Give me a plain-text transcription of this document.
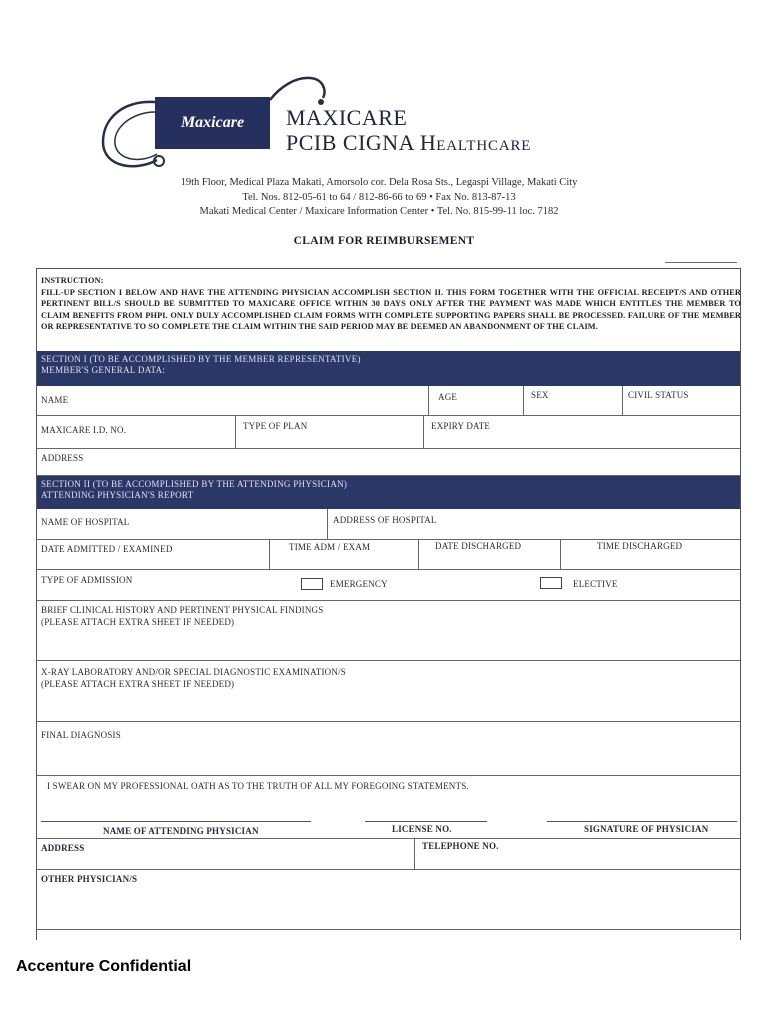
Maxicare	MAXICARE
PCIB CIGNA HEALTHCARE
19th Floor, Medical Plaza Makati, Amorsolo cor. Dela Rosa Sts., Legaspi Village, Makati City
Tel. Nos. 812-05-61 to 64 / 812-86-66 to 69 • Fax No. 813-87-13
Makati Medical Center / Maxicare Information Center • Tel. No. 815-99-11 loc. 7182
CLAIM FOR REIMBURSEMENT
INSTRUCTION:
FILL-UP SECTION I BELOW AND HAVE THE ATTENDING PHYSICIAN ACCOMPLISH SECTION II. THIS FORM TOGETHER WITH THE OFFICIAL RECEIPT/S AND OTHER PERTINENT BILL/S SHOULD BE SUBMITTED TO MAXICARE OFFICE WITHIN 30 DAYS ONLY AFTER THE PAYMENT WAS MADE WHICH ENTITLES THE MEMBER TO CLAIM BENEFITS FROM PHPI. ONLY DULY ACCOMPLISHED CLAIM FORMS WITH COMPLETE SUPPORTING PAPERS SHALL BE PROCESSED. FAILURE OF THE MEMBER OR REPRESENTATIVE TO SO COMPLETE THE CLAIM WITHIN THE SAID PERIOD MAY BE DEEMED AN ABANDONMENT OF THE CLAIM.
SECTION I (TO BE ACCOMPLISHED BY THE MEMBER REPRESENTATIVE)
MEMBER'S GENERAL DATA:
NAME	AGE	SEX	CIVIL STATUS
MAXICARE I.D. NO.	TYPE OF PLAN	EXPIRY DATE
ADDRESS
SECTION II (TO BE ACCOMPLISHED BY THE ATTENDING PHYSICIAN)
ATTENDING PHYSICIAN'S REPORT
NAME OF HOSPITAL	ADDRESS OF HOSPITAL
DATE ADMITTED / EXAMINED	TIME ADM / EXAM	DATE DISCHARGED	TIME DISCHARGED
TYPE OF ADMISSION	EMERGENCY	ELECTIVE
BRIEF CLINICAL HISTORY AND PERTINENT PHYSICAL FINDINGS
(PLEASE ATTACH EXTRA SHEET IF NEEDED)
X-RAY LABORATORY AND/OR SPECIAL DIAGNOSTIC EXAMINATION/S
(PLEASE ATTACH EXTRA SHEET IF NEEDED)
FINAL DIAGNOSIS
I SWEAR ON MY PROFESSIONAL OATH AS TO THE TRUTH OF ALL MY FOREGOING STATEMENTS.
NAME OF ATTENDING PHYSICIAN	LICENSE NO.	SIGNATURE OF PHYSICIAN
ADDRESS	TELEPHONE NO.
OTHER PHYSICIAN/S
Accenture Confidential
